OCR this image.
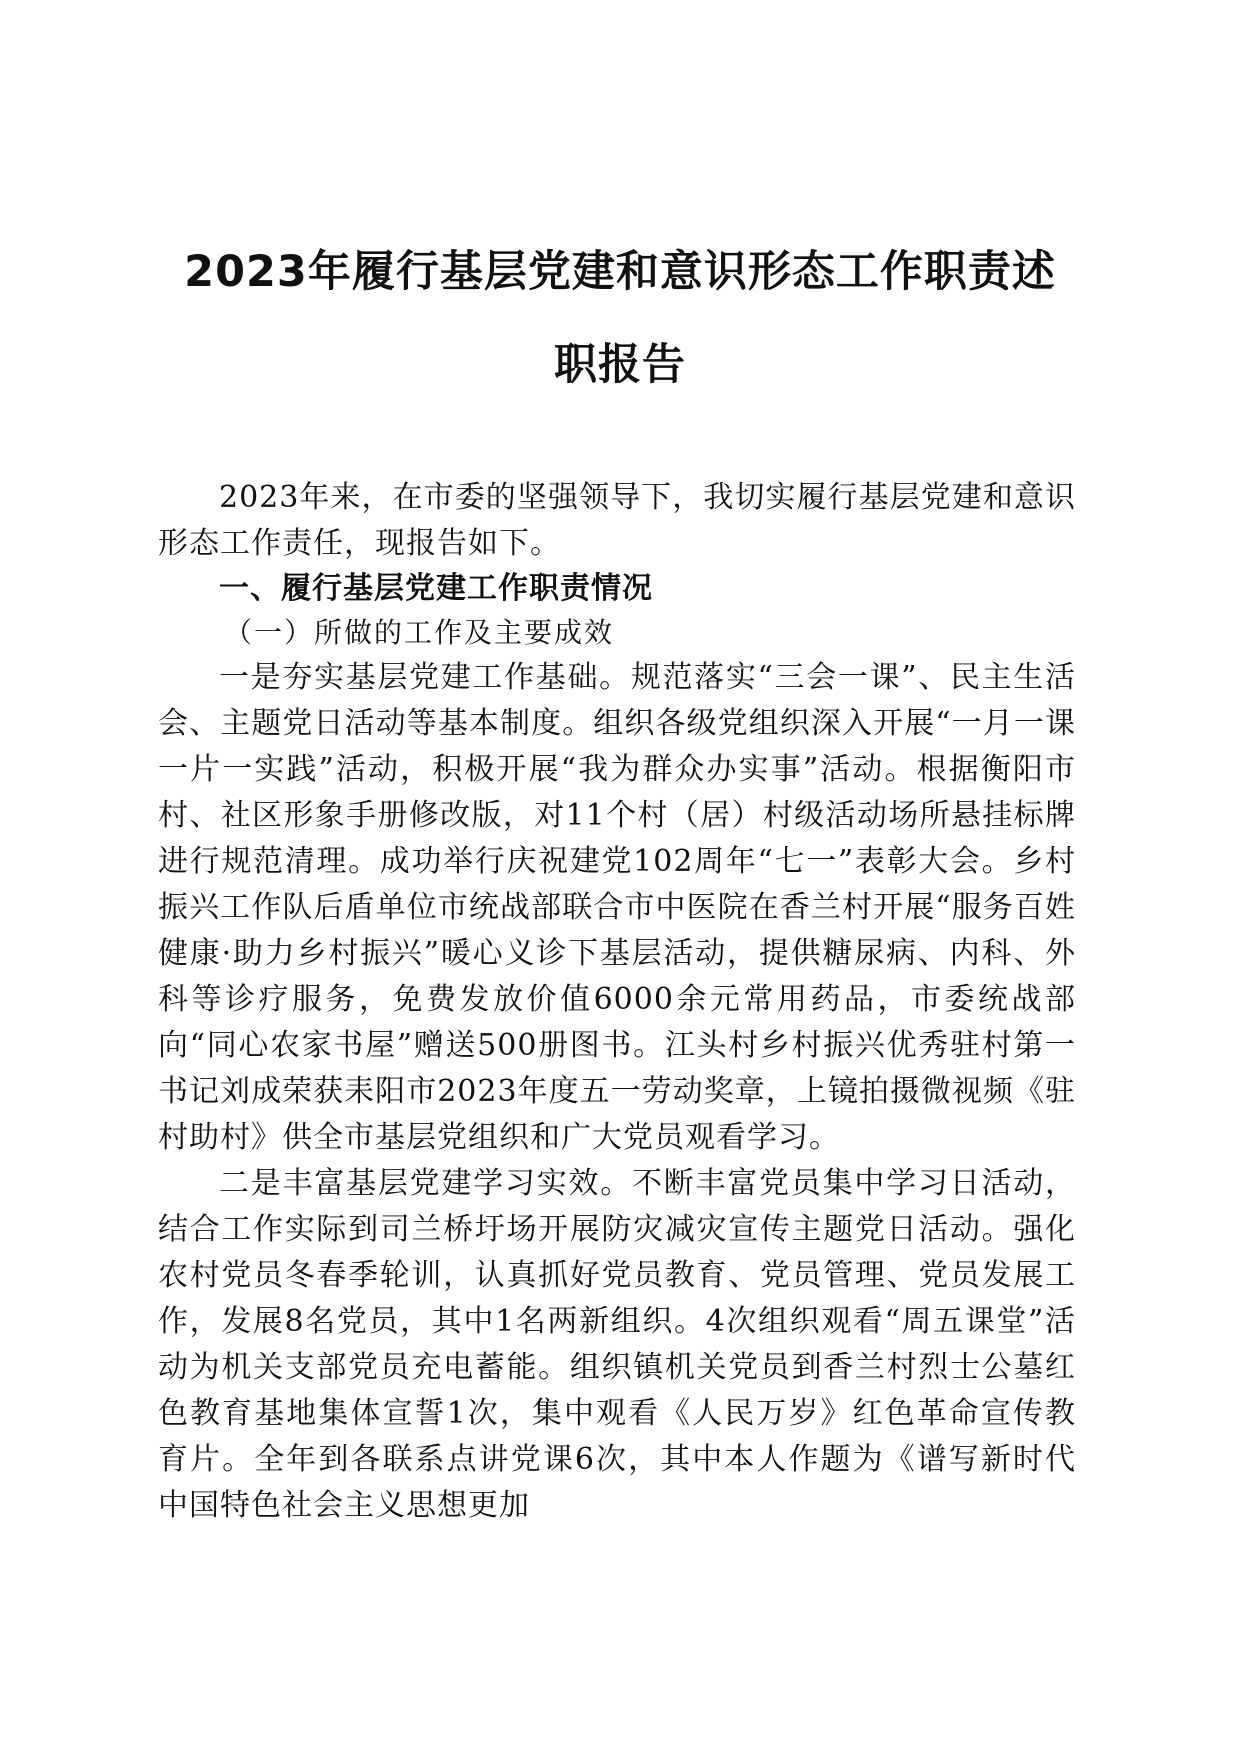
2023年履行基层党建和意识形态工作职责述
职报告

2023年来，在市委的坚强领导下，我切实履行基层党建和意识形态工作责任，现报告如下。

一、履行基层党建工作职责情况

（一）所做的工作及主要成效

一是夯实基层党建工作基础。规范落实“三会一课”、民主生活会、主题党日活动等基本制度。组织各级党组织深入开展“一月一课一片一实践”活动，积极开展“我为群众办实事”活动。根据衡阳市村、社区形象手册修改版，对11个村（居）村级活动场所悬挂标牌进行规范清理。成功举行庆祝建党102周年“七一”表彰大会。乡村振兴工作队后盾单位市统战部联合市中医院在香兰村开展“服务百姓健康·助力乡村振兴”暖心义诊下基层活动，提供糖尿病、内科、外科等诊疗服务，免费发放价值6000余元常用药品，市委统战部向“同心农家书屋”赠送500册图书。江头村乡村振兴优秀驻村第一书记刘成荣获耒阳市2023年度五一劳动奖章，上镜拍摄微视频《驻村助村》供全市基层党组织和广大党员观看学习。

二是丰富基层党建学习实效。不断丰富党员集中学习日活动，结合工作实际到司兰桥圩场开展防灾减灾宣传主题党日活动。强化农村党员冬春季轮训，认真抓好党员教育、党员管理、党员发展工作，发展8名党员，其中1名两新组织。4次组织观看“周五课堂”活动为机关支部党员充电蓄能。组织镇机关党员到香兰村烈士公墓红色教育基地集体宣誓1次，集中观看《人民万岁》红色革命宣传教育片。全年到各联系点讲党课6次，其中本人作题为《谱写新时代中国特色社会主义思想更加
